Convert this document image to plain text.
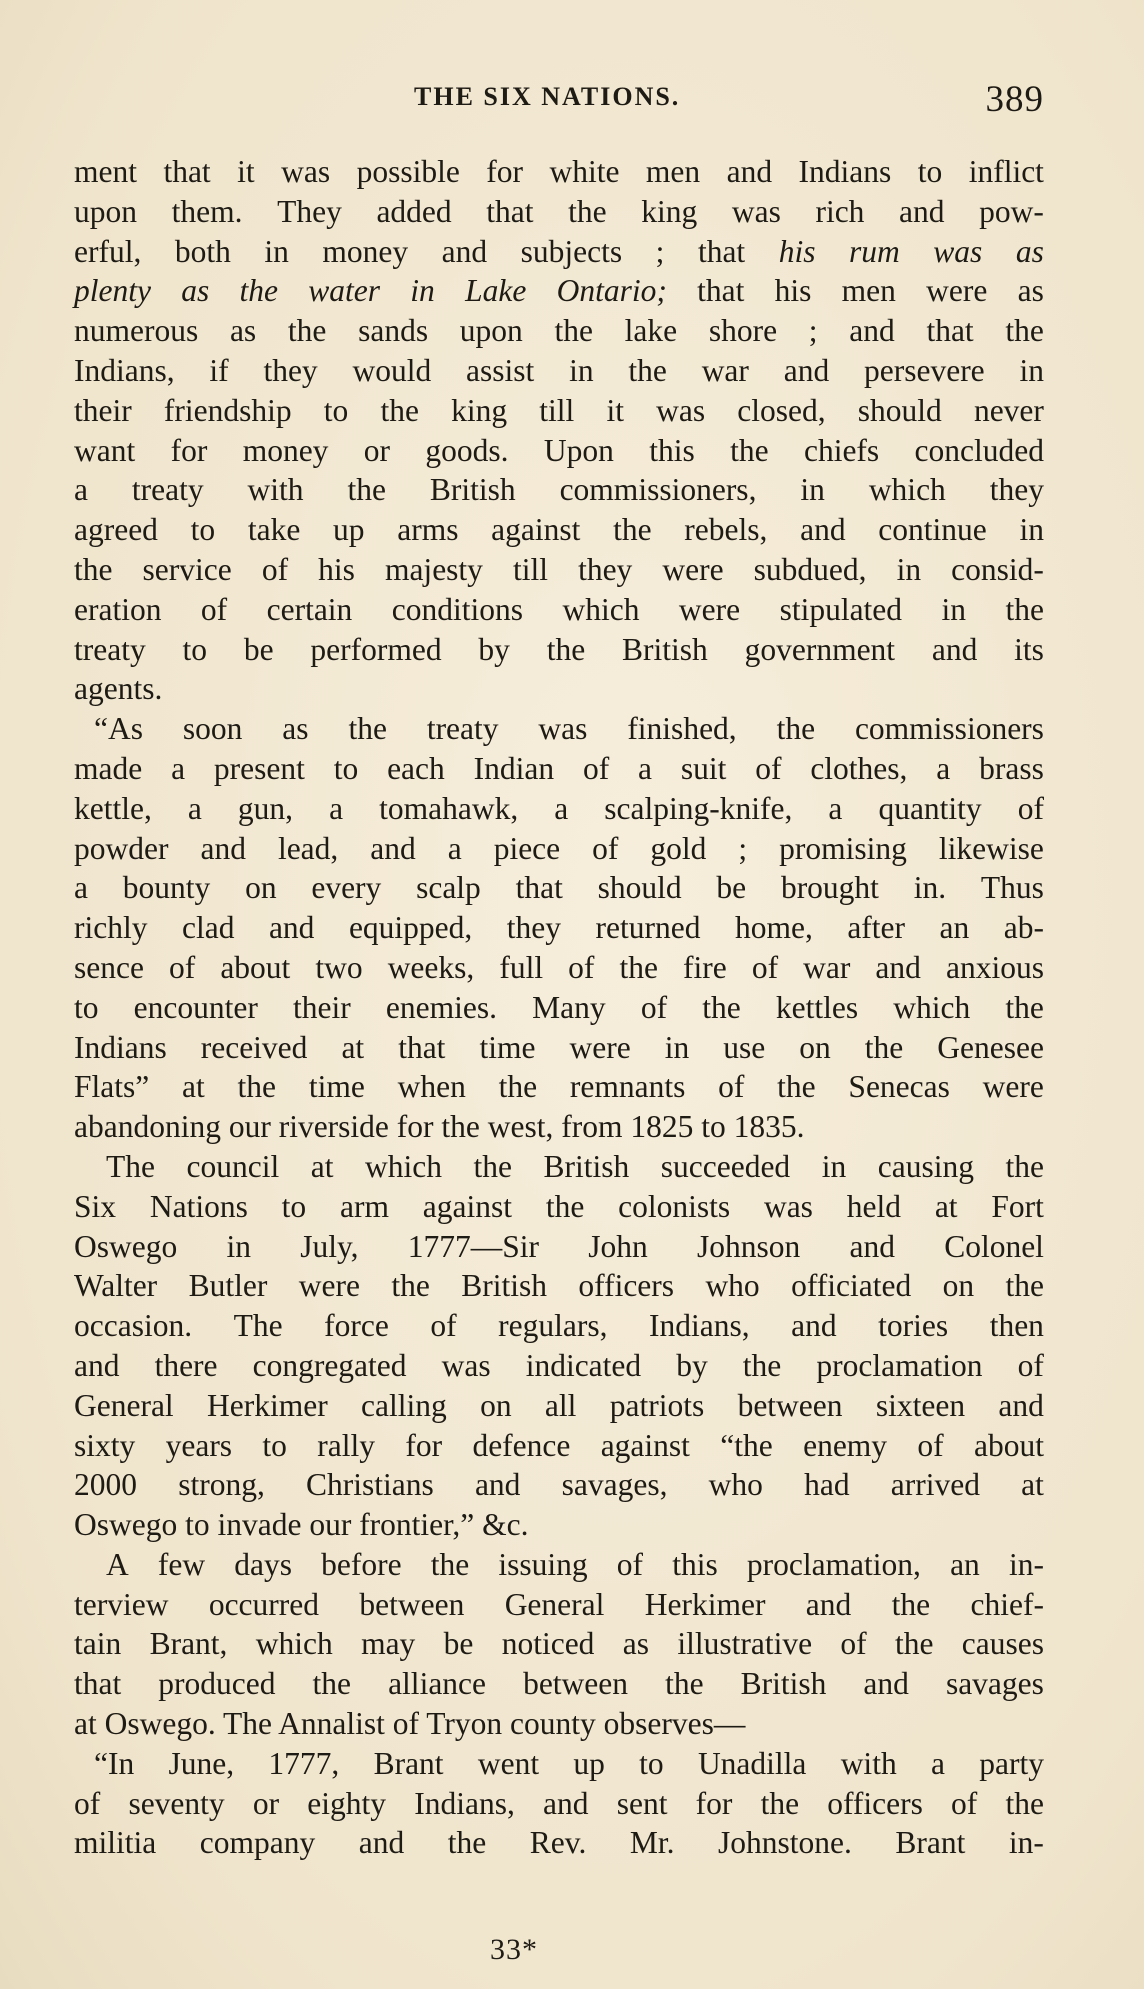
THE SIX NATIONS.	389
ment that it was possible for white men and Indians to inflict
upon them. They added that the king was rich and pow-
erful, both in money and subjects ; that his rum was as
plenty as the water in Lake Ontario; that his men were as
numerous as the sands upon the lake shore ; and that the
Indians, if they would assist in the war and persevere in
their friendship to the king till it was closed, should never
want for money or goods. Upon this the chiefs concluded
a treaty with the British commissioners, in which they
agreed to take up arms against the rebels, and continue in
the service of his majesty till they were subdued, in consid-
eration of certain conditions which were stipulated in the
treaty to be performed by the British government and its
agents.
“As soon as the treaty was finished, the commissioners
made a present to each Indian of a suit of clothes, a brass
kettle, a gun, a tomahawk, a scalping-knife, a quantity of
powder and lead, and a piece of gold ; promising likewise
a bounty on every scalp that should be brought in. Thus
richly clad and equipped, they returned home, after an ab-
sence of about two weeks, full of the fire of war and anxious
to encounter their enemies. Many of the kettles which the
Indians received at that time were in use on the Genesee
Flats” at the time when the remnants of the Senecas were
abandoning our riverside for the west, from 1825 to 1835.
The council at which the British succeeded in causing the
Six Nations to arm against the colonists was held at Fort
Oswego in July, 1777—Sir John Johnson and Colonel
Walter Butler were the British officers who officiated on the
occasion. The force of regulars, Indians, and tories then
and there congregated was indicated by the proclamation of
General Herkimer calling on all patriots between sixteen and
sixty years to rally for defence against “the enemy of about
2000 strong, Christians and savages, who had arrived at
Oswego to invade our frontier,” &c.
A few days before the issuing of this proclamation, an in-
terview occurred between General Herkimer and the chief-
tain Brant, which may be noticed as illustrative of the causes
that produced the alliance between the British and savages
at Oswego. The Annalist of Tryon county observes—
“In June, 1777, Brant went up to Unadilla with a party
of seventy or eighty Indians, and sent for the officers of the
militia company and the Rev. Mr. Johnstone. Brant in-
33*
